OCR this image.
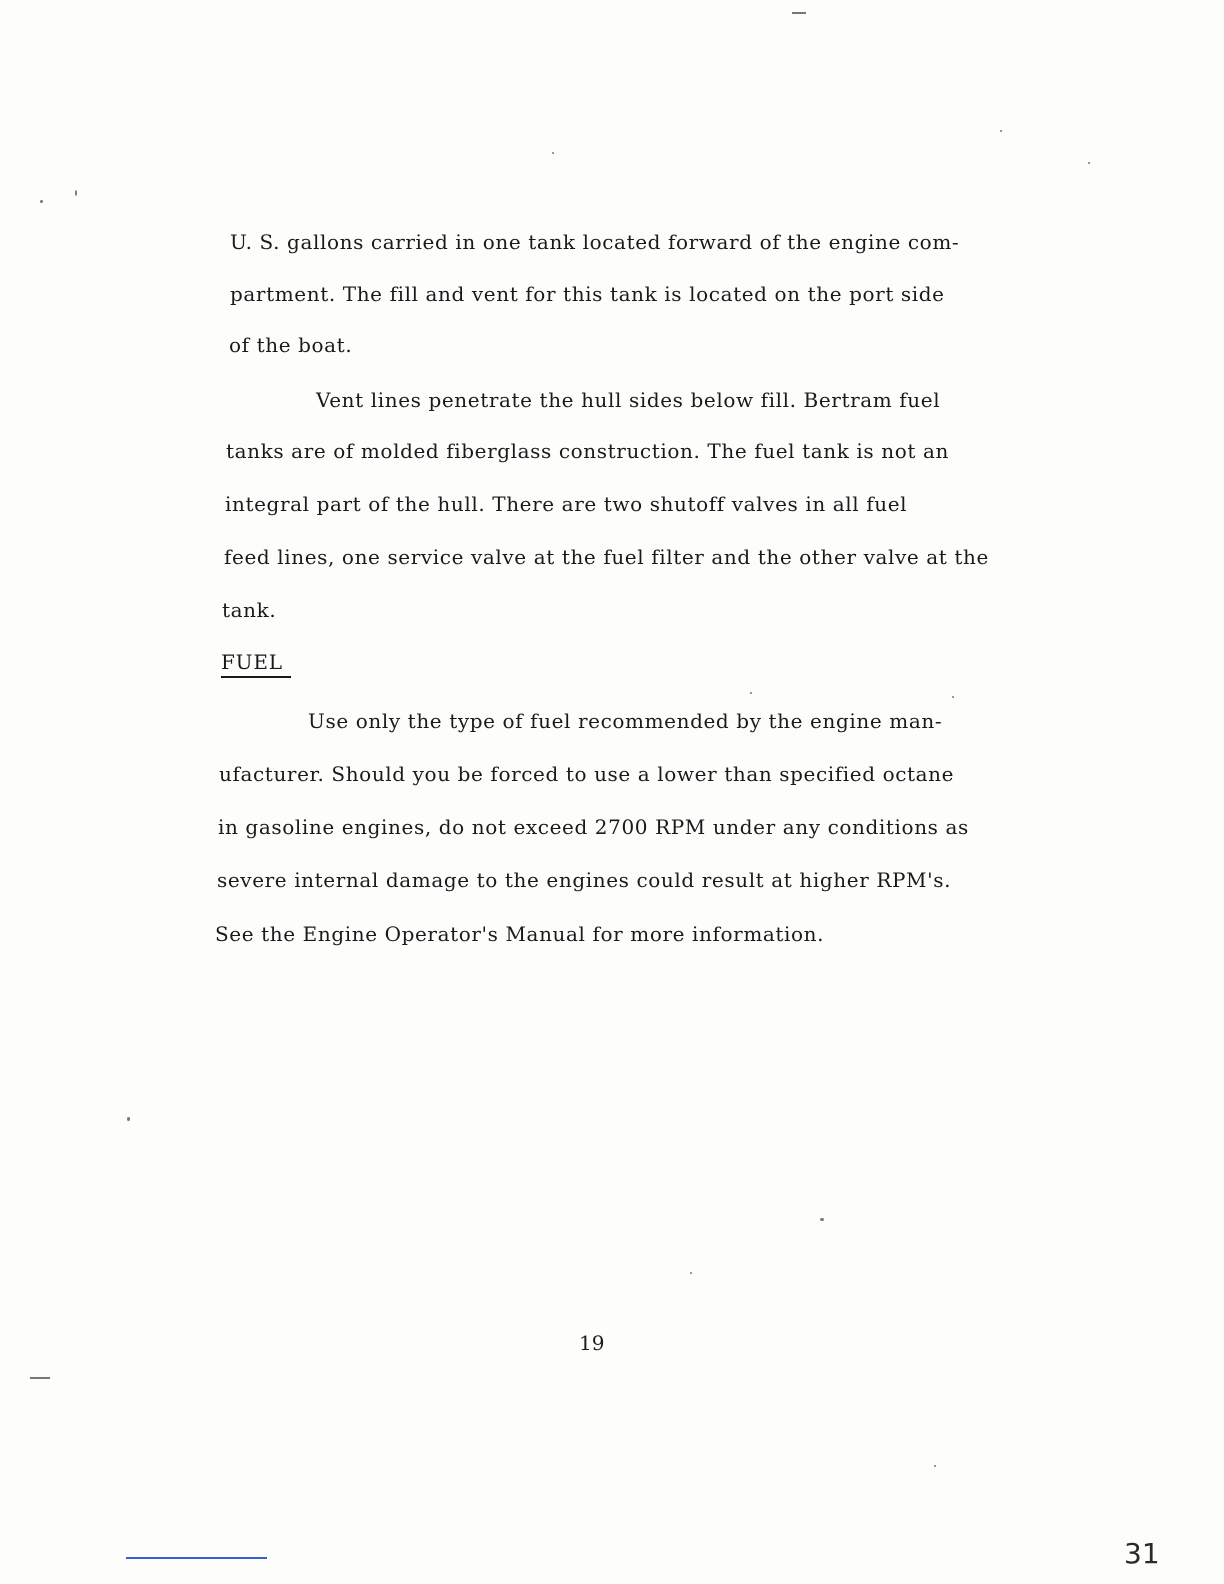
U. S. gallons carried in one tank located forward of the engine com-
partment. The fill and vent for this tank is located on the port side
of the boat.
Vent lines penetrate the hull sides below fill. Bertram fuel
tanks are of molded fiberglass construction. The fuel tank is not an
integral part of the hull. There are two shutoff valves in all fuel
feed lines, one service valve at the fuel filter and the other valve at the
tank.
FUEL
Use only the type of fuel recommended by the engine man-
ufacturer. Should you be forced to use a lower than specified octane
in gasoline engines, do not exceed 2700 RPM under any conditions as
severe internal damage to the engines could result at higher RPM's.
See the Engine Operator's Manual for more information.
19
31
